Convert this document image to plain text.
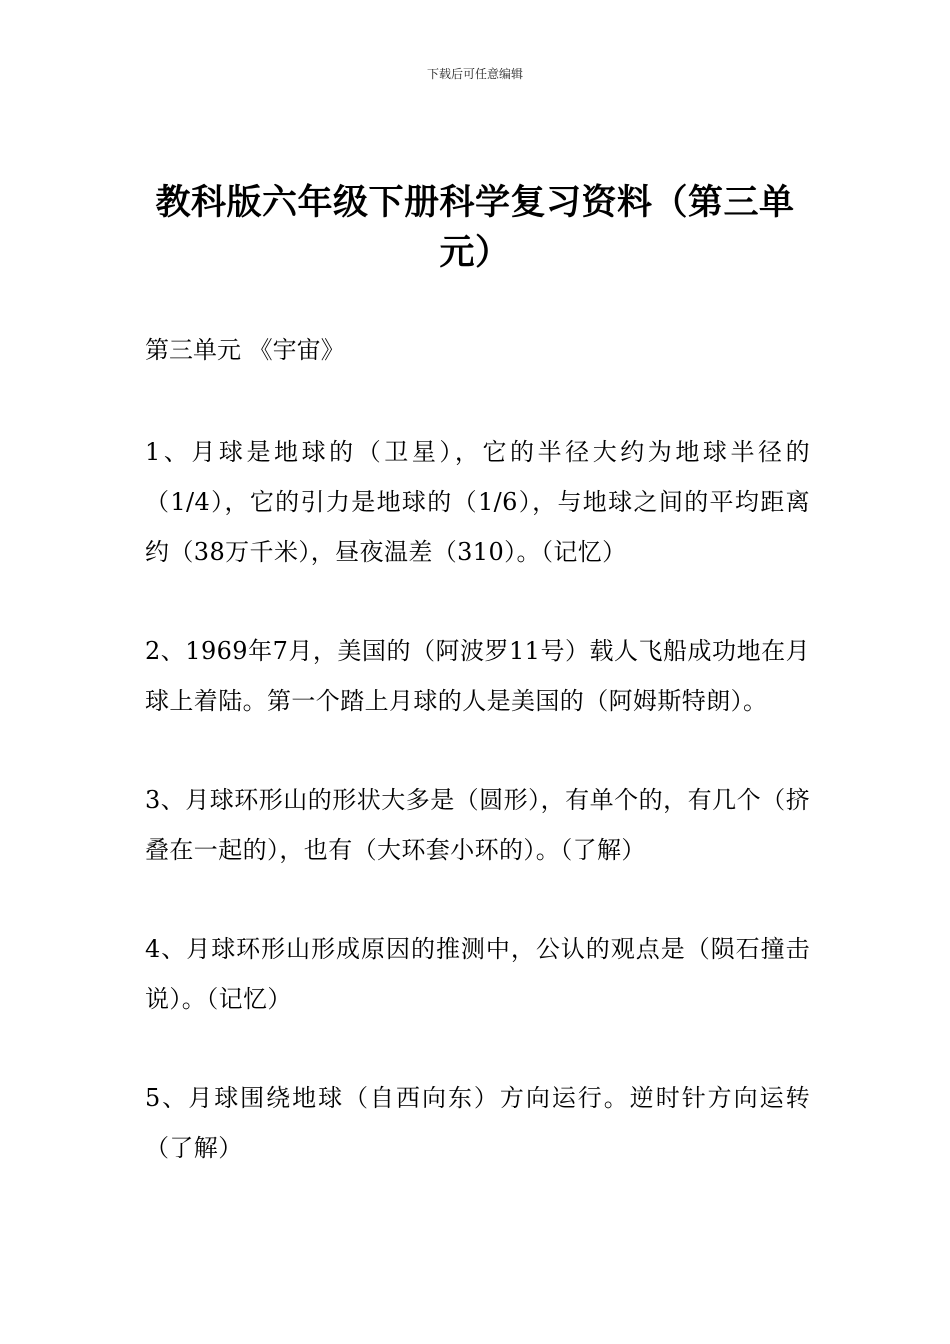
下载后可任意编辑
教科版六年级下册科学复习资料（第三单元）
第三单元 《宇宙》

1、月球是地球的（卫星），它的半径大约为地球半径的（1/4），它的引力是地球的（1/6），与地球之间的平均距离约（38万千米），昼夜温差（310）。（记忆）

2、1969年7月，美国的（阿波罗11号）载人飞船成功地在月球上着陆。第一个踏上月球的人是美国的（阿姆斯特朗）。

3、月球环形山的形状大多是（圆形），有单个的，有几个（挤叠在一起的），也有（大环套小环的）。（了解）

4、月球环形山形成原因的推测中，公认的观点是（陨石撞击说）。（记忆）

5、月球围绕地球（自西向东）方向运行。逆时针方向运转（了解）
